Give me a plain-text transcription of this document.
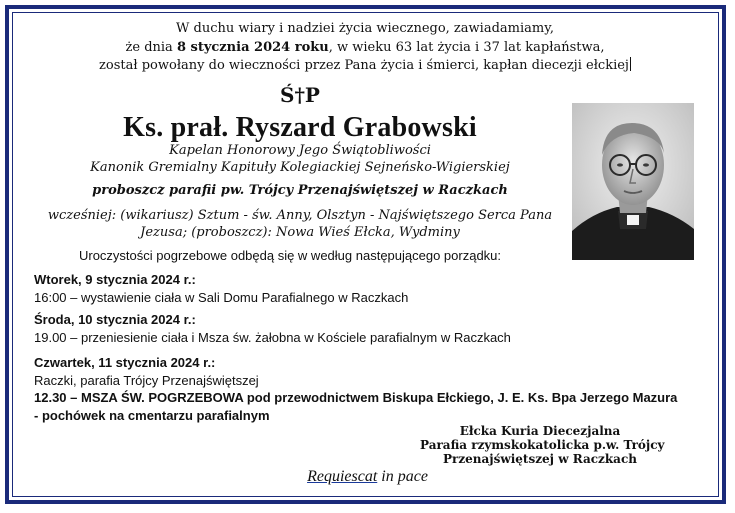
W duchu wiary i nadziei życia wiecznego, zawiadamiamy,
że dnia 8 stycznia 2024 roku, w wieku 63 lat życia i 37 lat kapłaństwa,
został powołany do wieczności przez Pana życia i śmierci, kapłan diecezji ełckiej
Ś†P
Ks. prał. Ryszard Grabowski
Kapelan Honorowy Jego Świątobliwości
Kanonik Gremialny Kapituły Kolegiackiej Sejneńsko-Wigierskiej
proboszcz parafii pw. Trójcy Przenajświętszej w Raczkach
wcześniej: (wikariusz) Sztum - św. Anny, Olsztyn - Najświętszego Serca Pana
Jezusa; (proboszcz): Nowa Wieś Ełcka, Wydminy
Uroczystości pogrzebowe odbędą się w według następującego porządku:
Wtorek, 9 stycznia 2024 r.:
16:00 – wystawienie ciała w Sali Domu Parafialnego w Raczkach
Środa, 10 stycznia 2024 r.:
19.00 – przeniesienie ciała i Msza św. żałobna w Kościele parafialnym w Raczkach
Czwartek, 11 stycznia 2024 r.:
Raczki, parafia Trójcy Przenajświętszej
12.30 – MSZA ŚW. POGRZEBOWA pod przewodnictwem Biskupa Ełckiego, J. E. Ks. Bpa Jerzego Mazura
- pochówek na cmentarzu parafialnym
Ełcka Kuria Diecezjalna
Parafia rzymskokatolicka p.w. Trójcy
Przenajświętszej w Raczkach
Requiescat in pace
